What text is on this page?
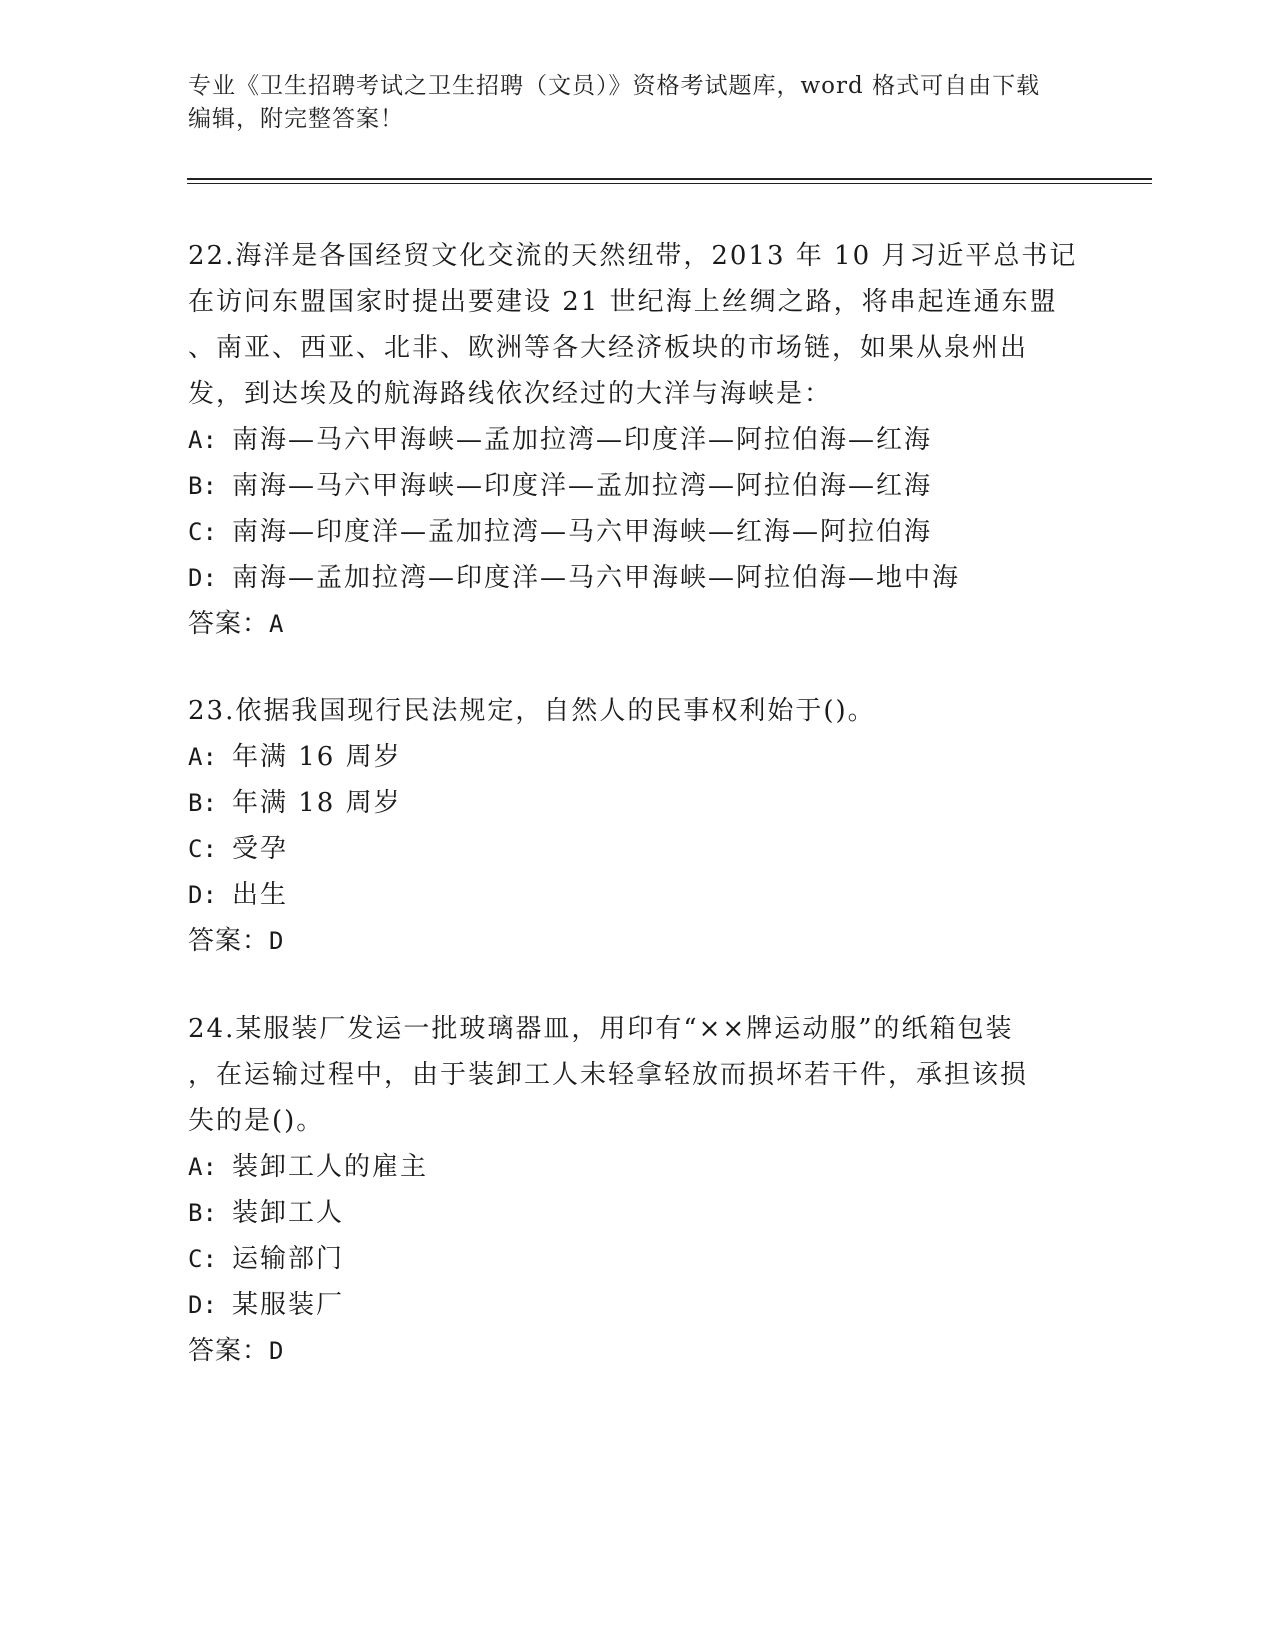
专业《卫生招聘考试之卫生招聘（文员）》资格考试题库，word 格式可自由下载
编辑，附完整答案！

22.海洋是各国经贸文化交流的天然纽带，2013 年 10 月习近平总书记

在访问东盟国家时提出要建设 21 世纪海上丝绸之路，将串起连通东盟

、南亚、西亚、北非、欧洲等各大经济板块的市场链，如果从泉州出

发，到达埃及的航海路线依次经过的大洋与海峡是：

A: 南海—马六甲海峡—孟加拉湾—印度洋—阿拉伯海—红海

B: 南海—马六甲海峡—印度洋—孟加拉湾—阿拉伯海—红海

C: 南海—印度洋—孟加拉湾—马六甲海峡—红海—阿拉伯海

D: 南海—孟加拉湾—印度洋—马六甲海峡—阿拉伯海—地中海

答案：A

23.依据我国现行民法规定，自然人的民事权利始于()。

A: 年满 16 周岁

B: 年满 18 周岁

C: 受孕

D: 出生

答案：D

24.某服装厂发运一批玻璃器皿，用印有“××牌运动服”的纸箱包装

，在运输过程中，由于装卸工人未轻拿轻放而损坏若干件，承担该损

失的是()。

A: 装卸工人的雇主

B: 装卸工人

C: 运输部门

D: 某服装厂

答案：D
